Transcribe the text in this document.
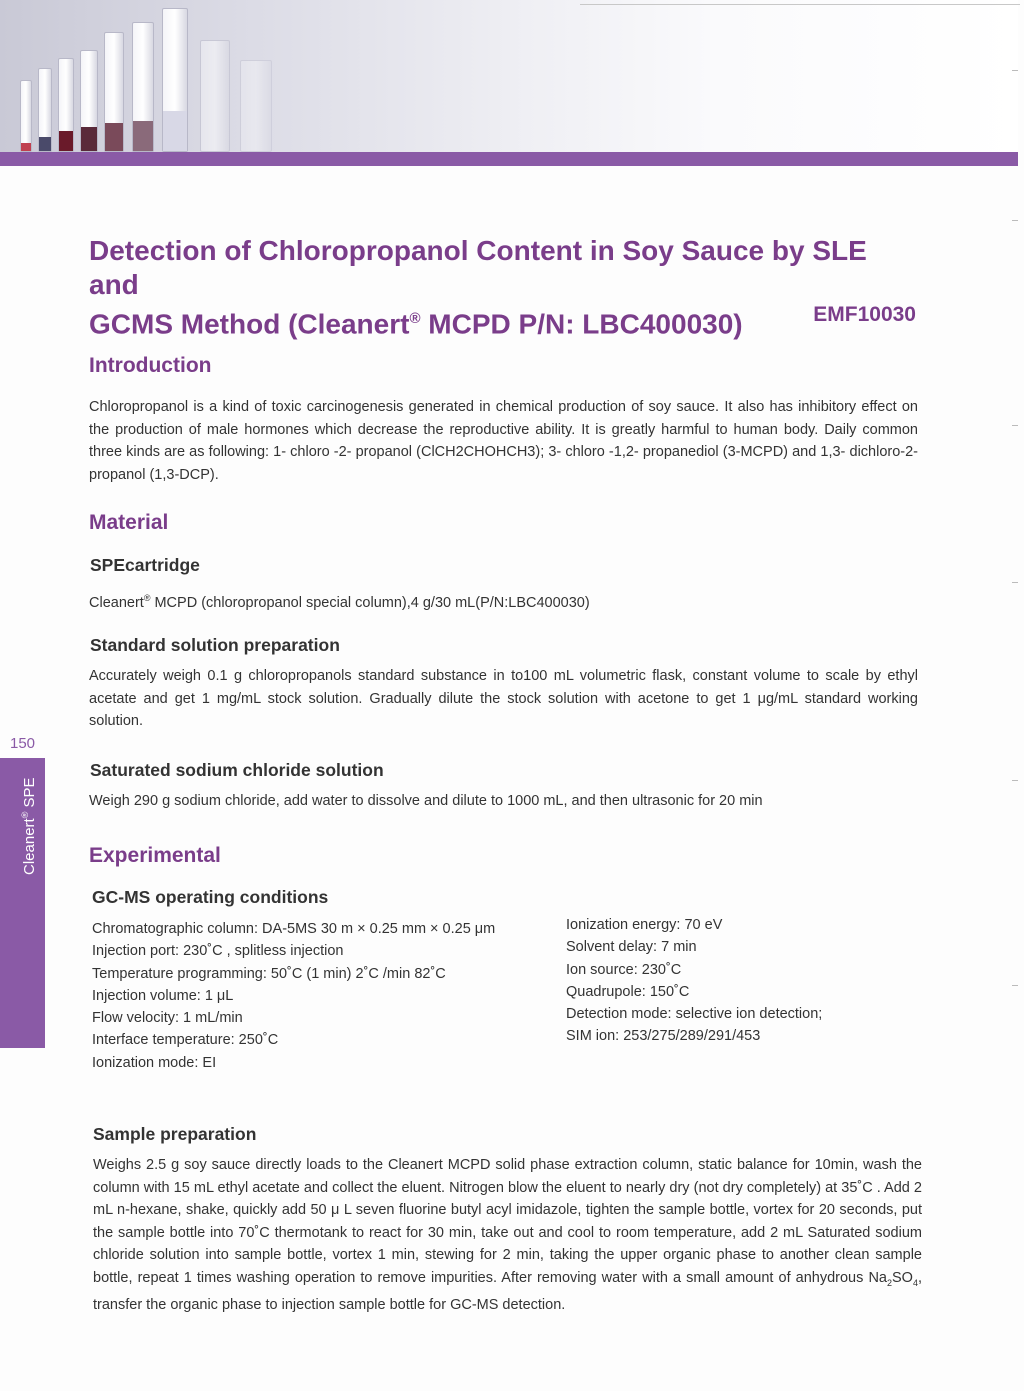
150
Cleanert® SPE
Detection of Chloropropanol Content in Soy Sauce by SLE and
GCMS Method (Cleanert® MCPD P/N: LBC400030)	EMF10030
Introduction

Chloropropanol is a kind of toxic carcinogenesis generated in chemical production of soy sauce. It also has inhibitory effect on the production of male hormones which decrease the reproductive ability. It is greatly harmful to human body. Daily common three kinds are as following: 1- chloro -2- propanol (ClCH2CHOHCH3); 3- chloro -1,2- propanediol (3-MCPD) and 1,3- dichloro-2- propanol (1,3-DCP).

Material
SPEcartridge

Cleanert® MCPD (chloropropanol special column),4 g/30 mL(P/N:LBC400030)

Standard solution preparation

Accurately weigh 0.1 g chloropropanols standard substance in to100 mL volumetric flask, constant volume to scale by ethyl acetate and get 1 mg/mL stock solution. Gradually dilute the stock solution with acetone to get 1 μg/mL standard working solution.

Saturated sodium chloride solution

Weigh 290 g sodium chloride, add water to dissolve and dilute to 1000 mL, and then ultrasonic for 20 min

Experimental
GC-MS operating conditions
Chromatographic column: DA-5MS 30 m × 0.25 mm × 0.25 μm
Injection port: 230˚C , splitless injection
Temperature programming: 50˚C (1 min) 2˚C /min 82˚C
Injection volume: 1 μL
Flow velocity: 1 mL/min
Interface temperature: 250˚C
Ionization mode: EI
Ionization energy: 70 eV
Solvent delay: 7 min
Ion source: 230˚C
Quadrupole: 150˚C
Detection mode: selective ion detection;
SIM ion: 253/275/289/291/453
Sample preparation

Weighs 2.5 g soy sauce directly loads to the Cleanert MCPD solid phase extraction column, static balance for 10min, wash the column with 15 mL ethyl acetate and collect the eluent. Nitrogen blow the eluent to nearly dry (not dry completely) at 35˚C . Add 2 mL n-hexane, shake, quickly add 50 μ L seven fluorine butyl acyl imidazole, tighten the sample bottle, vortex for 20 seconds, put the sample bottle into 70˚C thermotank to react for 30 min, take out and cool to room temperature, add 2 mL Saturated sodium chloride solution into sample bottle, vortex 1 min, stewing for 2 min, taking the upper organic phase to another clean sample bottle, repeat 1 times washing operation to remove impurities. After removing water with a small amount of anhydrous $Na_2SO_4$, transfer the organic phase to injection sample bottle for GC-MS detection.
